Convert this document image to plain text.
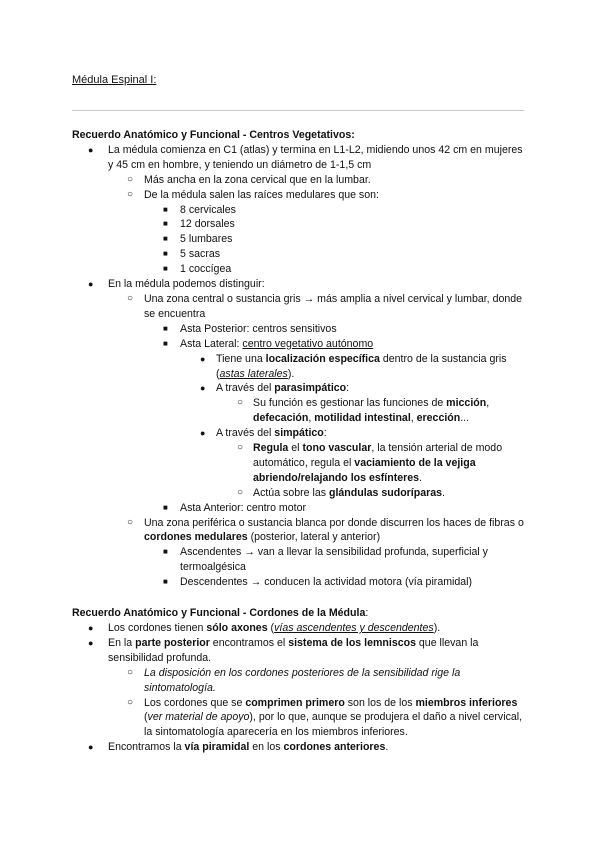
Médula Espinal I:

Recuerdo Anatómico y Funcional - Centros Vegetativos:

● La médula comienza en C1 (atlas) y termina en L1-L2, midiendo unos 42 cm en mujeres y 45 cm en hombre, y teniendo un diámetro de 1-1,5 cm
○ Más ancha en la zona cervical que en la lumbar.
○ De la médula salen las raíces medulares que son:
■ 8 cervicales
■ 12 dorsales
■ 5 lumbares
■ 5 sacras
■ 1 coccígea
● En la médula podemos distinguir:
○ Una zona central o sustancia gris → más amplia a nivel cervical y lumbar, donde se encuentra
■ Asta Posterior: centros sensitivos
■ Asta Lateral: centro vegetativo autónomo
● Tiene una localización específica dentro de la sustancia gris (astas laterales).
● A través del parasimpático:
○ Su función es gestionar las funciones de micción, defecación, motilidad intestinal, erección...
● A través del simpático:
○ Regula el tono vascular, la tensión arterial de modo automático, regula el vaciamiento de la vejiga abriendo/relajando los esfínteres.
○ Actúa sobre las glándulas sudoríparas.
■ Asta Anterior: centro motor
○ Una zona periférica o sustancia blanca por donde discurren los haces de fibras o cordones medulares (posterior, lateral y anterior)
■ Ascendentes → van a llevar la sensibilidad profunda, superficial y termoalgésica
■ Descendentes → conducen la actividad motora (vía piramidal)

Recuerdo Anatómico y Funcional - Cordones de la Médula:

● Los cordones tienen sólo axones (vías ascendentes y descendentes).
● En la parte posterior encontramos el sistema de los lemniscos que llevan la sensibilidad profunda.
○ La disposición en los cordones posteriores de la sensibilidad rige la sintomatología.
○ Los cordones que se comprimen primero son los de los miembros inferiores (ver material de apoyo), por lo que, aunque se produjera el daño a nivel cervical, la sintomatología aparecería en los miembros inferiores.
● Encontramos la vía piramidal en los cordones anteriores.
